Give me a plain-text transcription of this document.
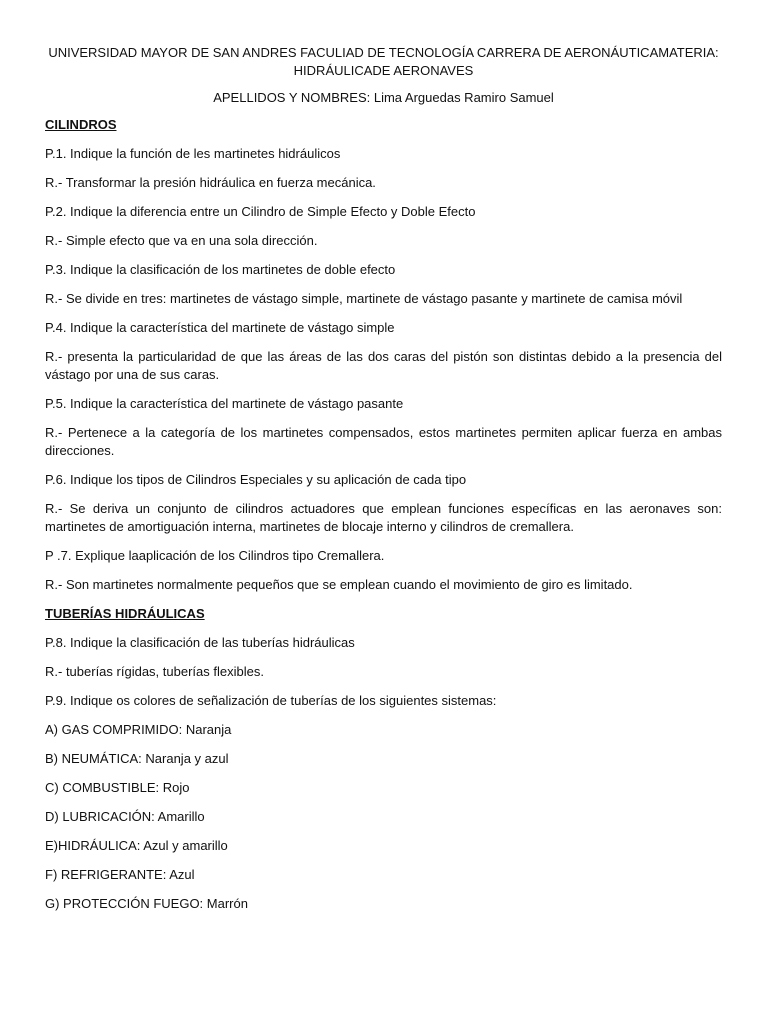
UNIVERSIDAD MAYOR DE SAN ANDRES FACULIAD DE TECNOLOGÍA CARRERA DE AERONÁUTICAMATERIA: HIDRÁULICADE AERONAVES

APELLIDOS Y NOMBRES: Lima Arguedas Ramiro Samuel

CILINDROS

P.1. Indique la función de les martinetes hidráulicos

R.- Transformar la presión hidráulica en fuerza mecánica.

P.2. Indique la diferencia entre un Cilindro de Simple Efecto y Doble Efecto

R.- Simple efecto que va en una sola dirección.

P.3. Indique la clasificación de los martinetes de doble efecto

R.- Se divide en tres: martinetes de vástago simple, martinete de vástago pasante y martinete de camisa móvil

P.4. Indique la característica del martinete de vástago simple

R.- presenta la particularidad de que las áreas de las dos caras del pistón son distintas debido a la presencia del vástago por una de sus caras.

P.5. Indique la característica del martinete de vástago pasante

R.- Pertenece a la categoría de los martinetes compensados, estos martinetes permiten aplicar fuerza en ambas direcciones.

P.6. Indique los tipos de Cilindros Especiales y su aplicación de cada tipo

R.- Se deriva un conjunto de cilindros actuadores que emplean funciones específicas en las aeronaves son: martinetes de amortiguación interna, martinetes de blocaje interno y cilindros de cremallera.

P .7. Explique laaplicación de los Cilindros tipo Cremallera.

R.- Son martinetes normalmente pequeños que se emplean cuando el movimiento de giro es limitado.

TUBERÍAS HIDRÁULICAS

P.8. Indique la clasificación de las tuberías hidráulicas

R.- tuberías rígidas, tuberías flexibles.

P.9. Indique os colores de señalización de tuberías de los siguientes sistemas:

A) GAS COMPRIMIDO: Naranja

B) NEUMÁTICA: Naranja y azul

C) COMBUSTIBLE: Rojo

D) LUBRICACIÓN: Amarillo

E)HIDRÁULICA: Azul y amarillo

F) REFRIGERANTE: Azul

G) PROTECCIÓN FUEGO: Marrón
